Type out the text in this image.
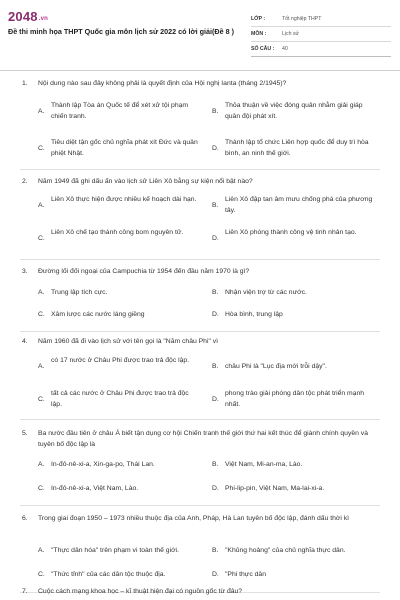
2048.vn
Đề thi minh họa THPT Quốc gia môn lịch sử 2022 có lời giải(Đề 8 )
LỚP :	Tốt nghiệp THPT
MÔN :	Lịch sử
SỐ CÂU :	40
1. Nội dung nào sau đây không phải là quyết định của Hội nghị Ianta (tháng 2/1945)?
A.
Thành lập Tòa án Quốc tế để xét xử tội phạm chiến tranh.
B.
Thỏa thuận về việc đóng quân nhằm giải giáp quân đội phát xít.
C.
Tiêu diệt tận gốc chủ nghĩa phát xít Đức và quân phiệt Nhật.
D.
Thành lập tổ chức Liên hợp quốc để duy trì hòa bình, an ninh thế giới.
2. Năm 1949 đã ghi dấu ấn vào lịch sử Liên Xô bằng sự kiện nổi bật nào?
A.
Liên Xô thực hiện được nhiều kế hoạch dài hạn.
B.
Liên Xô đập tan âm mưu chống phá của phương tây.
C.
Liên Xô chế tạo thành công bom nguyên tử.
D.
Liên Xô phóng thành công vệ tinh nhân tạo.
3. Đường lối đối ngoại của Campuchia từ 1954 đến đầu năm 1970 là gì?
A. Trung lập tích cực.	B. Nhận viện trợ từ các nước.
C. Xâm lược các nước láng giềng	D. Hòa bình, trung lập
4. Năm 1960 đã đi vào lịch sử với tên gọi là "Năm châu Phi" vì
A.
có 17 nước ở Châu Phi được trao trả độc lập.
B. châu Phi là "Lục địa mới trỗi dậy".
C.
tất cả các nước ở Châu Phi được trao trả độc lập.
D.
phong trào giải phóng dân tộc phát triển mạnh nhất.
5. Ba nước đầu tiên ở châu Á biết tận dụng cơ hội Chiến tranh thế giới thứ hai kết thúc để giành chính quyền và tuyên bố độc lập là
A. In-đô-nê-xi-a, Xin-ga-po, Thái Lan.	B. Việt Nam, Mi-an-ma, Lào.
C. In-đô-nê-xi-a, Việt Nam, Lào.	D. Phi-lip-pin, Việt Nam, Ma-lai-xi-a.
6. Trong giai đoạn 1950 – 1973 nhiều thuộc địa của Anh, Pháp, Hà Lan tuyên bố độc lập, đánh dấu thời kì
A. "Thực dân hóa" trên phạm vi toàn thế giới.	B. "Khủng hoảng" của chủ nghĩa thực dân.
C. "Thức tỉnh" của các dân tộc thuộc địa.	D. "Phi thực dân
7. Cuộc cách mạng khoa học – kĩ thuật hiện đại có nguồn gốc từ đâu?
